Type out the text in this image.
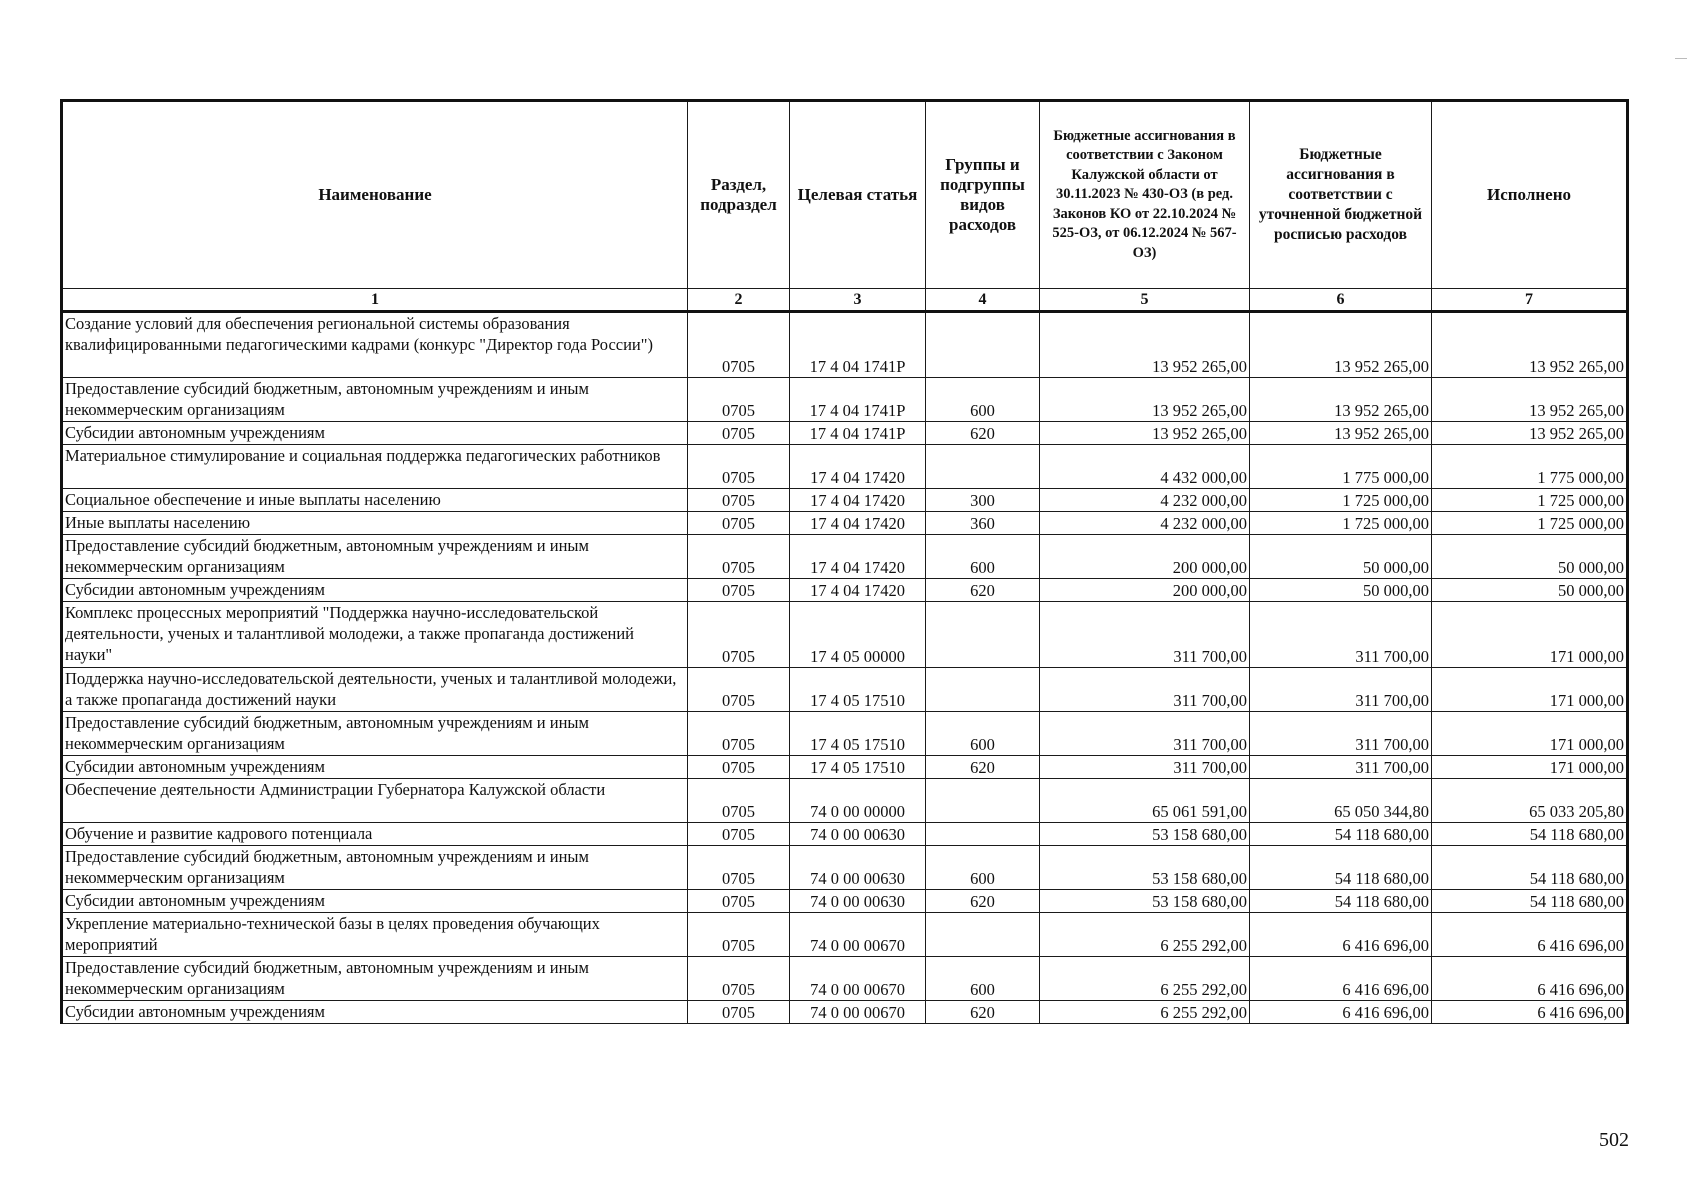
Наименование	Раздел, подраздел	Целевая статья	Группы и подгруппы видов расходов	Бюджетные ассигнования в соответствии с Законом Калужской области от 30.11.2023 № 430-ОЗ (в ред. Законов КО от 22.10.2024 № 525-ОЗ, от 06.12.2024 № 567-ОЗ)	Бюджетные ассигнования в соответствии с уточненной бюджетной росписью расходов	Исполнено
1	2	3	4	5	6	7
Создание условий для обеспечения региональной системы образования квалифицированными педагогическими кадрами (конкурс "Директор года России")	0705	17 4 04 1741Р		13 952 265,00	13 952 265,00	13 952 265,00
Предоставление субсидий бюджетным, автономным учреждениям и иным некоммерческим организациям	0705	17 4 04 1741Р	600	13 952 265,00	13 952 265,00	13 952 265,00
Субсидии автономным учреждениям	0705	17 4 04 1741Р	620	13 952 265,00	13 952 265,00	13 952 265,00
Материальное стимулирование и социальная поддержка педагогических работников	0705	17 4 04 17420		4 432 000,00	1 775 000,00	1 775 000,00
Социальное обеспечение и иные выплаты населению	0705	17 4 04 17420	300	4 232 000,00	1 725 000,00	1 725 000,00
Иные выплаты населению	0705	17 4 04 17420	360	4 232 000,00	1 725 000,00	1 725 000,00
Предоставление субсидий бюджетным, автономным учреждениям и иным некоммерческим организациям	0705	17 4 04 17420	600	200 000,00	50 000,00	50 000,00
Субсидии автономным учреждениям	0705	17 4 04 17420	620	200 000,00	50 000,00	50 000,00
Комплекс процессных мероприятий "Поддержка научно-исследовательской деятельности, ученых и талантливой молодежи, а также пропаганда достижений науки"	0705	17 4 05 00000		311 700,00	311 700,00	171 000,00
Поддержка научно-исследовательской деятельности, ученых и талантливой молодежи, а также пропаганда достижений науки	0705	17 4 05 17510		311 700,00	311 700,00	171 000,00
Предоставление субсидий бюджетным, автономным учреждениям и иным некоммерческим организациям	0705	17 4 05 17510	600	311 700,00	311 700,00	171 000,00
Субсидии автономным учреждениям	0705	17 4 05 17510	620	311 700,00	311 700,00	171 000,00
Обеспечение деятельности Администрации Губернатора Калужской области	0705	74 0 00 00000		65 061 591,00	65 050 344,80	65 033 205,80
Обучение и развитие кадрового потенциала	0705	74 0 00 00630		53 158 680,00	54 118 680,00	54 118 680,00
Предоставление субсидий бюджетным, автономным учреждениям и иным некоммерческим организациям	0705	74 0 00 00630	600	53 158 680,00	54 118 680,00	54 118 680,00
Субсидии автономным учреждениям	0705	74 0 00 00630	620	53 158 680,00	54 118 680,00	54 118 680,00
Укрепление материально-технической базы в целях проведения обучающих мероприятий	0705	74 0 00 00670		6 255 292,00	6 416 696,00	6 416 696,00
Предоставление субсидий бюджетным, автономным учреждениям и иным некоммерческим организациям	0705	74 0 00 00670	600	6 255 292,00	6 416 696,00	6 416 696,00
Субсидии автономным учреждениям	0705	74 0 00 00670	620	6 255 292,00	6 416 696,00	6 416 696,00
502
